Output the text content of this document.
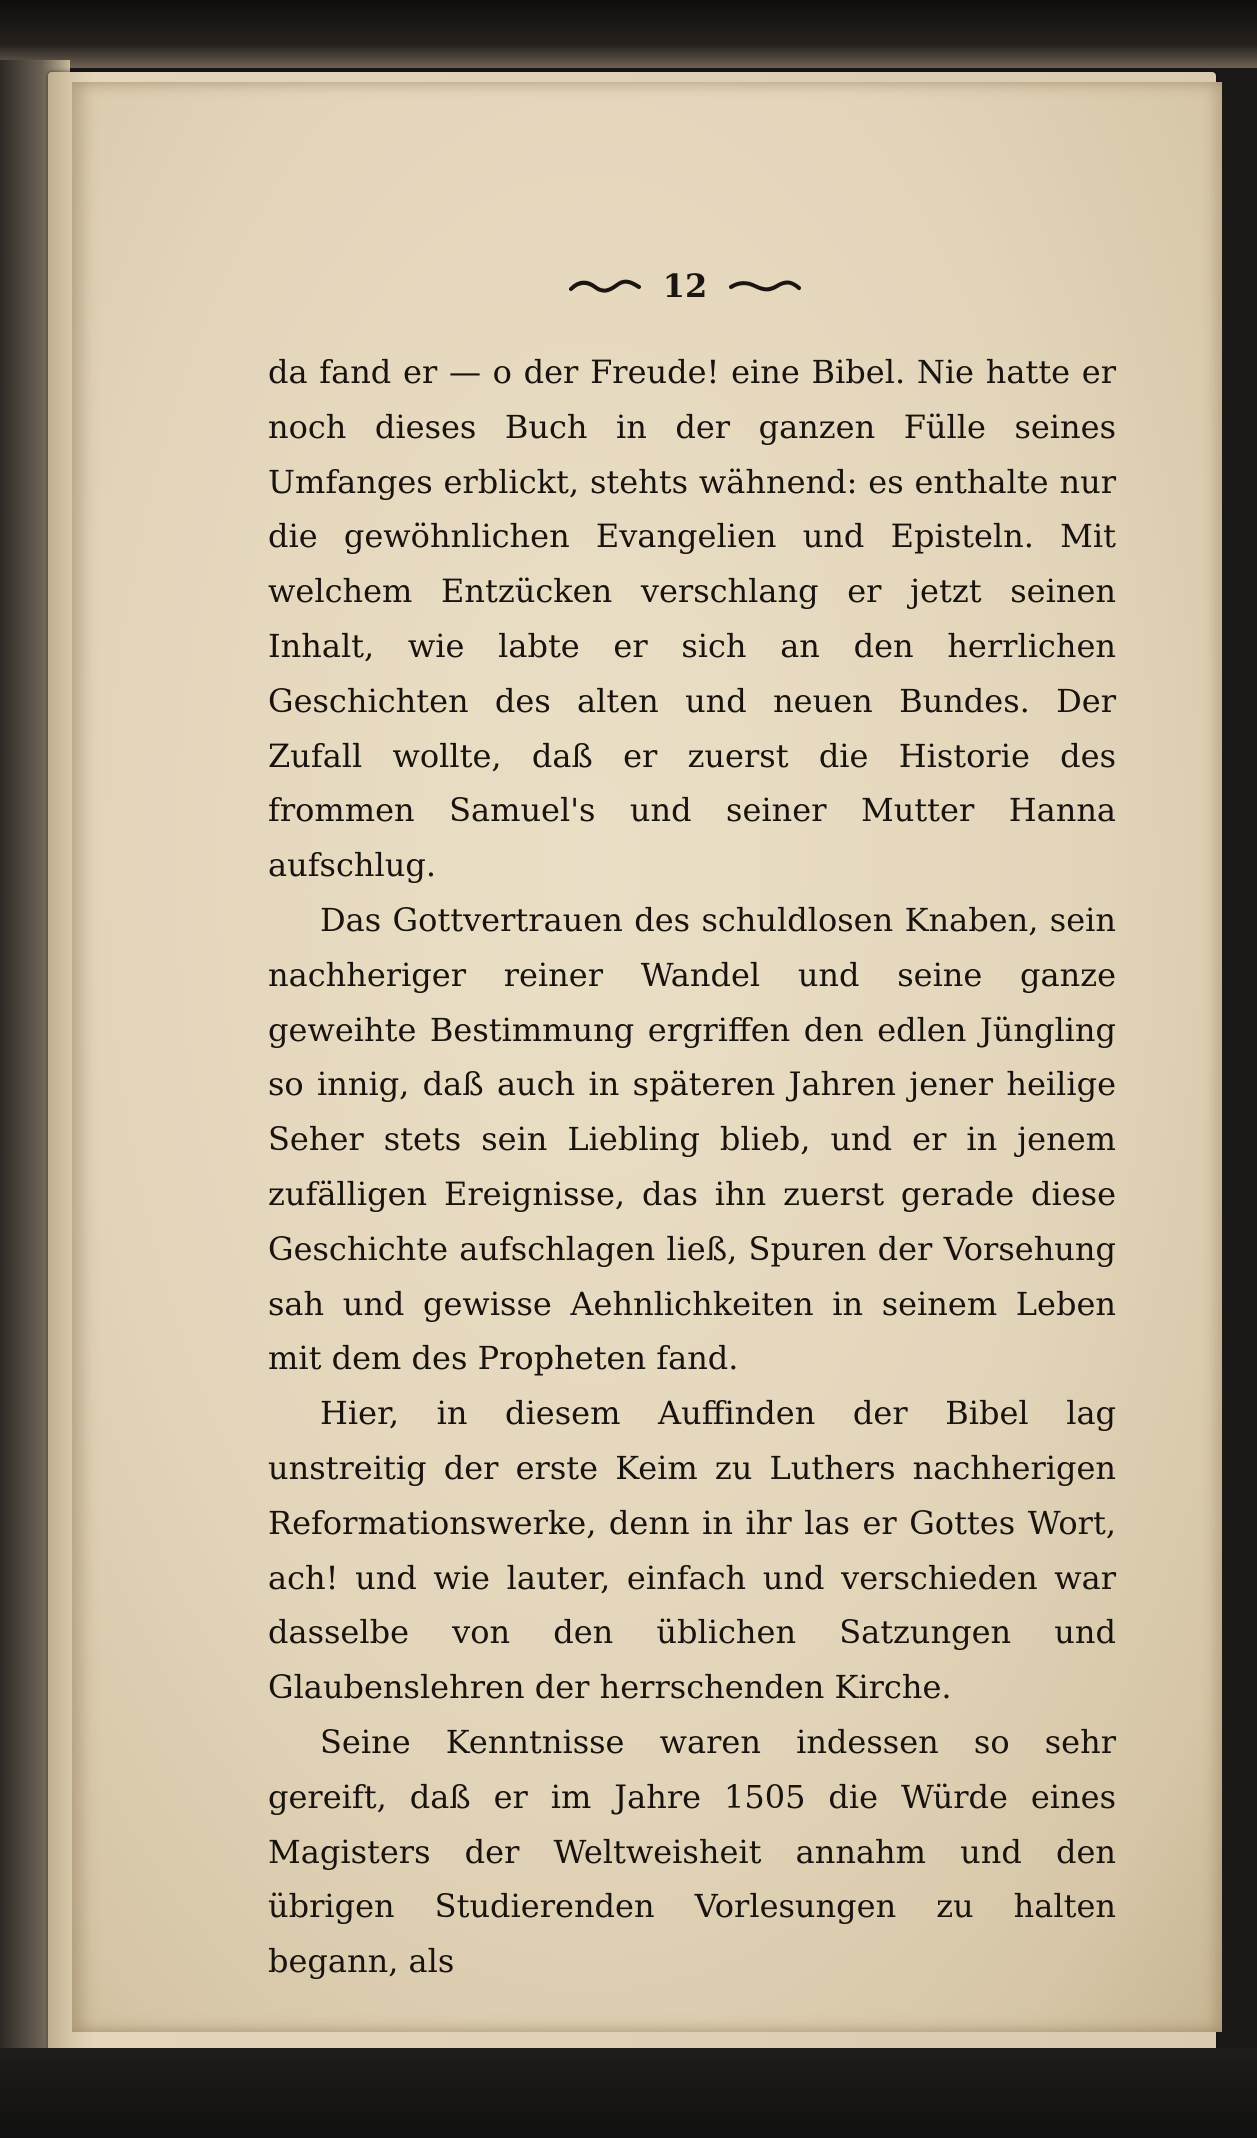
12

da fand er — o der Freude! eine Bibel. Nie hatte er noch dieses Buch in der ganzen Fülle seines Umfanges erblickt, stehts wähnend: es enthalte nur die gewöhnlichen Evangelien und Episteln. Mit welchem Entzücken verschlang er jetzt seinen Inhalt, wie labte er sich an den herrlichen Geschichten des alten und neuen Bundes. Der Zufall wollte, daß er zuerst die Historie des frommen Samuel's und seiner Mutter Hanna aufschlug.

Das Gottvertrauen des schuldlosen Knaben, sein nachheriger reiner Wandel und seine ganze geweihte Bestimmung ergriffen den edlen Jüngling so innig, daß auch in späteren Jahren jener heilige Seher stets sein Liebling blieb, und er in jenem zufälligen Ereignisse, das ihn zuerst gerade diese Geschichte aufschlagen ließ, Spuren der Vorsehung sah und gewisse Aehnlichkeiten in seinem Leben mit dem des Propheten fand.

Hier, in diesem Auffinden der Bibel lag unstreitig der erste Keim zu Luthers nachherigen Reformationswerke, denn in ihr las er Gottes Wort, ach! und wie lauter, einfach und verschieden war dasselbe von den üblichen Satzungen und Glaubenslehren der herrschenden Kirche.

Seine Kenntnisse waren indessen so sehr gereift, daß er im Jahre 1505 die Würde eines Magisters der Weltweisheit annahm und den übrigen Studierenden Vorlesungen zu halten begann, als
